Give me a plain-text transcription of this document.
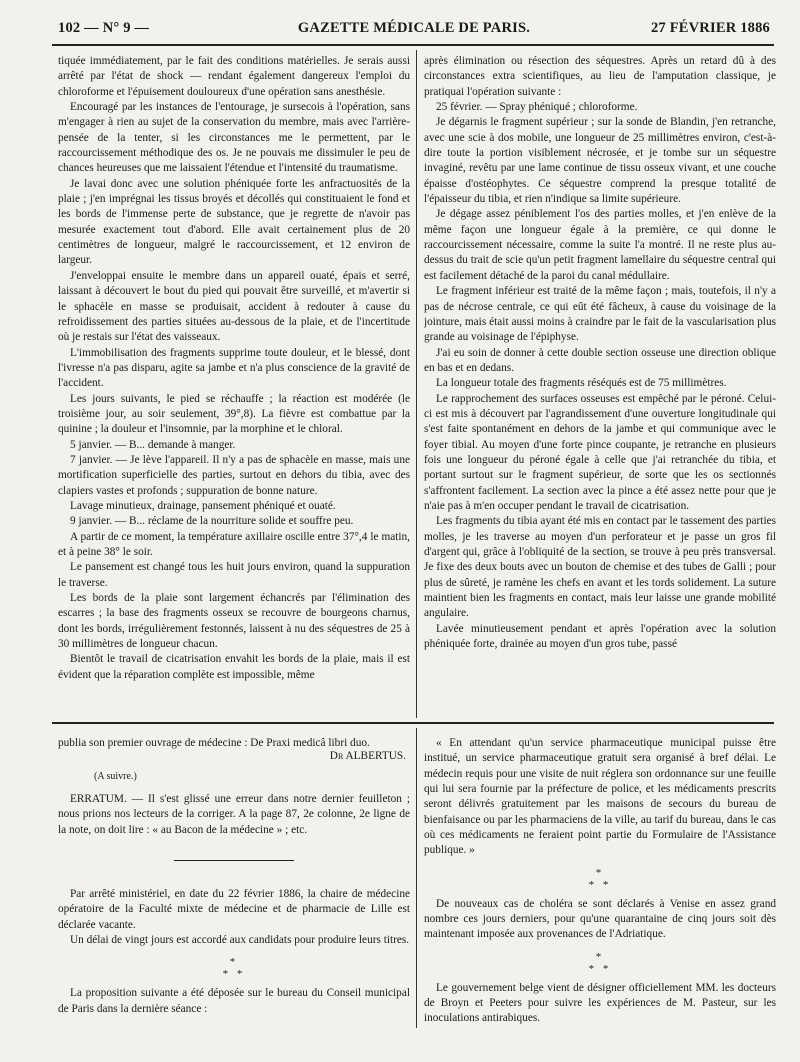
102 — N° 9 —	GAZETTE MÉDICALE DE PARIS.	27 FÉVRIER 1886

tiquée immédiatement, par le fait des conditions matérielles. Je serais aussi arrêté par l'état de shock — rendant également dangereux l'emploi du chloroforme et l'épuisement douloureux d'une opération sans anesthésie.

Encouragé par les instances de l'entourage, je sursecois à l'opération, sans m'engager à rien au sujet de la conservation du membre, mais avec l'arrière-pensée de la tenter, si les circonstances me le permettent, par le raccourcissement méthodique des os. Je ne pouvais me dissimuler le peu de chances heureuses que me laissaient l'étendue et l'intensité du traumatisme.

Je lavai donc avec une solution phéniquée forte les anfractuosités de la plaie ; j'en imprégnai les tissus broyés et décollés qui constituaient le fond et les bords de l'immense perte de substance, que je regrette de n'avoir pas mesurée exactement tout d'abord. Elle avait certainement plus de 20 centimètres de longueur, malgré le raccourcissement, et 12 environ de largeur.

J'enveloppai ensuite le membre dans un appareil ouaté, épais et serré, laissant à découvert le bout du pied qui pouvait être surveillé, et m'avertir si le sphacèle en masse se produisait, accident à redouter à cause du refroidissement des parties situées au-dessous de la plaie, et de l'incertitude où je restais sur l'état des vaisseaux.

L'immobilisation des fragments supprime toute douleur, et le blessé, dont l'ivresse n'a pas disparu, agite sa jambe et n'a plus conscience de la gravité de l'accident.

Les jours suivants, le pied se réchauffe ; la réaction est modérée (le troisième jour, au soir seulement, 39°,8). La fièvre est combattue par la quinine ; la douleur et l'insomnie, par la morphine et le chloral.

5 janvier. — B... demande à manger.

7 janvier. — Je lève l'appareil. Il n'y a pas de sphacèle en masse, mais une mortification superficielle des parties, surtout en dehors du tibia, avec des clapiers vastes et profonds ; suppuration de bonne nature.

Lavage minutieux, drainage, pansement phéniqué et ouaté.

9 janvier. — B... réclame de la nourriture solide et souffre peu.

A partir de ce moment, la température axillaire oscille entre 37°,4 le matin, et à peine 38° le soir.

Le pansement est changé tous les huit jours environ, quand la suppuration le traverse.

Les bords de la plaie sont largement échancrés par l'élimination des escarres ; la base des fragments osseux se recouvre de bourgeons charnus, dont les bords, irrégulièrement festonnés, laissent à nu des séquestres de 25 à 30 millimètres de longueur chacun.

Bientôt le travail de cicatrisation envahit les bords de la plaie, mais il est évident que la réparation complète est impossible, même

après élimination ou résection des séquestres. Après un retard dû à des circonstances extra scientifiques, au lieu de l'amputation classique, je pratiquai l'opération suivante :

25 février. — Spray phéniqué ; chloroforme.

Je dégarnis le fragment supérieur ; sur la sonde de Blandin, j'en retranche, avec une scie à dos mobile, une longueur de 25 millimètres environ, c'est-à-dire toute la portion visiblement nécrosée, et je tombe sur un séquestre invaginé, revêtu par une lame continue de tissu osseux vivant, et une couche épaisse d'ostéophytes. Ce séquestre comprend la presque totalité de l'épaisseur du tibia, et rien n'indique sa limite supérieure.

Je dégage assez péniblement l'os des parties molles, et j'en enlève de la même façon une longueur égale à la première, ce qui donne le raccourcissement nécessaire, comme la suite l'a montré. Il ne reste plus au-dessus du trait de scie qu'un petit fragment lamellaire du séquestre central qui est facilement détaché de la paroi du canal médullaire.

Le fragment inférieur est traité de la même façon ; mais, toutefois, il n'y a pas de nécrose centrale, ce qui eût été fâcheux, à cause du voisinage de la jointure, mais était aussi moins à craindre par le fait de la vascularisation plus grande au voisinage de l'épiphyse.

J'ai eu soin de donner à cette double section osseuse une direction oblique en bas et en dedans.

La longueur totale des fragments réséqués est de 75 millimètres.

Le rapprochement des surfaces osseuses est empêché par le péroné. Celui-ci est mis à découvert par l'agrandissement d'une ouverture longitudinale qui s'est faite spontanément en dehors de la jambe et qui communique avec le foyer tibial. Au moyen d'une forte pince coupante, je retranche en plusieurs fois une longueur du péroné égale à celle que j'ai retranchée du tibia, et portant surtout sur le fragment supérieur, de sorte que les os sectionnés s'affrontent facilement. La section avec la pince a été assez nette pour que je n'aie pas à m'en occuper pendant le travail de cicatrisation.

Les fragments du tibia ayant été mis en contact par le tassement des parties molles, je les traverse au moyen d'un perforateur et je passe un gros fil d'argent qui, grâce à l'obliquité de la section, se trouve à peu près transversal. Je fixe des deux bouts avec un bouton de chemise et des tubes de Galli ; pour plus de sûreté, je ramène les chefs en avant et les tords solidement. La suture maintient bien les fragments en contact, mais leur laisse une grande mobilité angulaire.

Lavée minutieusement pendant et après l'opération avec la solution phéniquée forte, drainée au moyen d'un gros tube, passé

publia son premier ouvrage de médecine : De Praxi medicâ libri duo.

Dr ALBERTUS.

(A suivre.)

ERRATUM. — Il s'est glissé une erreur dans notre dernier feuilleton ; nous prions nos lecteurs de la corriger. A la page 87, 2e colonne, 2e ligne de la note, on doit lire : « au Bacon de la médecine » ; etc.

Par arrêté ministériel, en date du 22 février 1886, la chaire de médecine opératoire de la Faculté mixte de médecine et de pharmacie de Lille est déclarée vacante.

Un délai de vingt jours est accordé aux candidats pour produire leurs titres.

*
* *

La proposition suivante a été déposée sur le bureau du Conseil municipal de Paris dans la dernière séance :

« En attendant qu'un service pharmaceutique municipal puisse être institué, un service pharmaceutique gratuit sera organisé à bref délai. Le médecin requis pour une visite de nuit réglera son ordonnance sur une feuille qui lui sera fournie par la préfecture de police, et les médicaments prescrits seront délivrés gratuitement par les maisons de secours du bureau de bienfaisance ou par les pharmaciens de la ville, au tarif du bureau, dans le cas où ces médicaments ne feraient point partie du Formulaire de l'Assistance publique. »

*
* *

De nouveaux cas de choléra se sont déclarés à Venise en assez grand nombre ces jours derniers, pour qu'une quarantaine de cinq jours soit dès maintenant imposée aux provenances de l'Adriatique.

*
* *

Le gouvernement belge vient de désigner officiellement MM. les docteurs de Broyn et Peeters pour suivre les expériences de M. Pasteur, sur les inoculations antirabiques.
